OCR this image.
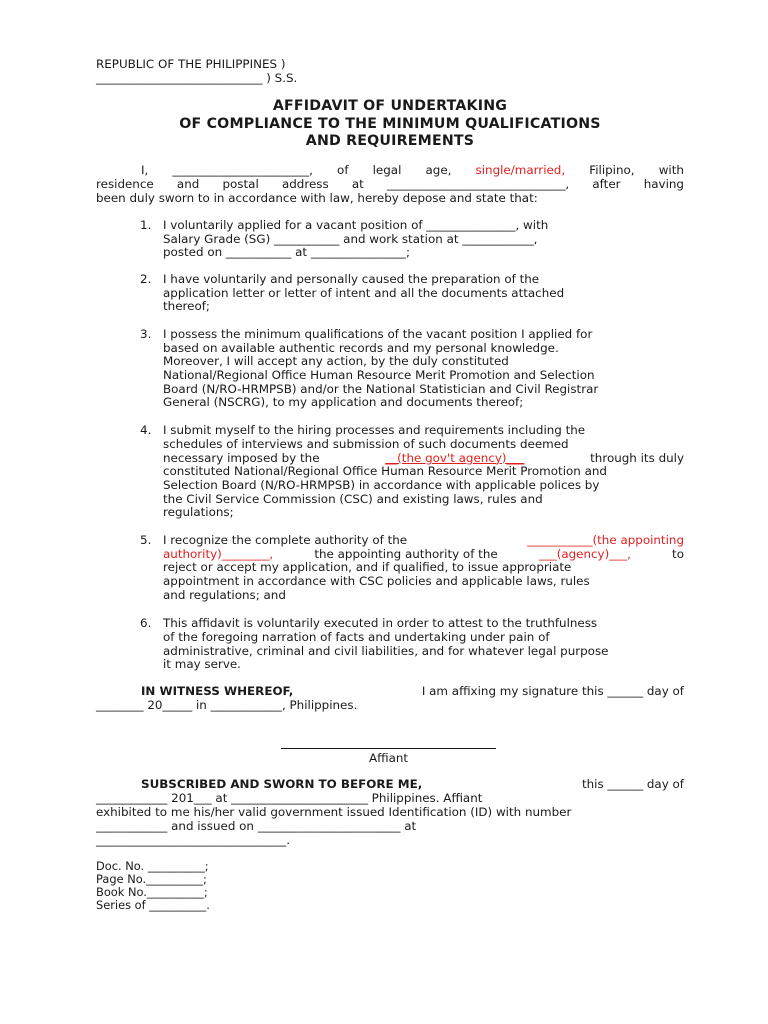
REPUBLIC OF THE PHILIPPINES )
____________________________ ) S.S.
AFFIDAVIT OF UNDERTAKING
OF COMPLIANCE TO THE MINIMUM QUALIFICATIONS
AND REQUIREMENTS
I, _______________________, of legal age, single/married, Filipino, with
residence and postal address at ______________________________, after having
been duly sworn to in accordance with law, hereby depose and state that:
1. I voluntarily applied for a vacant position of _______________, with
Salary Grade (SG) ___________ and work station at ____________,
posted on ___________ at ________________;
2. I have voluntarily and personally caused the preparation of the
application letter or letter of intent and all the documents attached
thereof;
3. I possess the minimum qualifications of the vacant position I applied for
based on available authentic records and my personal knowledge.
Moreover, I will accept any action, by the duly constituted
National/Regional Office Human Resource Merit Promotion and Selection
Board (N/RO-HRMPSB) and/or the National Statistician and Civil Registrar
General (NSCRG), to my application and documents thereof;
4. I submit myself to the hiring processes and requirements including the
schedules of interviews and submission of such documents deemed
necessary imposed by the	__(the gov't agency)___	through its duly
constituted National/Regional Office Human Resource Merit Promotion and
Selection Board (N/RO-HRMPSB) in accordance with applicable polices by
the Civil Service Commission (CSC) and existing laws, rules and
regulations;
5. I recognize the complete authority of the	___________(the appointing
authority)________,	the appointing authority of the	___(agency)___,	to
reject or accept my application, and if qualified, to issue appropriate
appointment in accordance with CSC policies and applicable laws, rules
and regulations; and
6. This affidavit is voluntarily executed in order to attest to the truthfulness
of the foregoing narration of facts and undertaking under pain of
administrative, criminal and civil liabilities, and for whatever legal purpose
it may serve.
IN WITNESS WHEREOF,	I am affixing my signature this ______ day of
________ 20_____ in ____________, Philippines.
Affiant
SUBSCRIBED AND SWORN TO BEFORE ME,	this ______ day of
____________ 201___ at _______________________ Philippines. Affiant
exhibited to me his/her valid government issued Identification (ID) with number
____________ and issued on ________________________ at
________________________________.
Doc. No. __________;
Page No.__________;
Book No.__________;
Series of __________.
